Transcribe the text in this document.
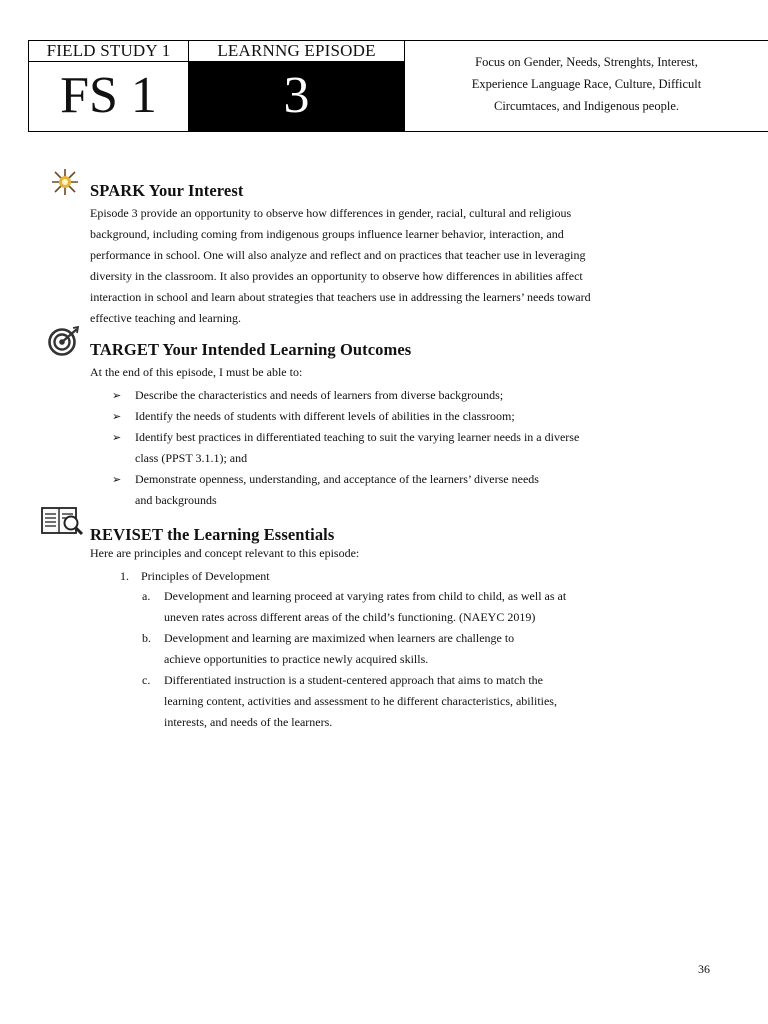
FIELD STUDY 1
FS 1
LEARNNG EPISODE
3
Focus on Gender, Needs, Strenghts, Interest,
Experience Language Race, Culture, Difficult
Circumtaces, and Indigenous people.
SPARK Your Interest
Episode 3 provide an opportunity to observe how differences in gender, racial, cultural and religious
background, including coming from indigenous groups influence learner behavior, interaction, and
performance in school. One will also analyze and reflect and on practices that teacher use in leveraging
diversity in the classroom. It also provides an opportunity to observe how differences in abilities affect
interaction in school and learn about strategies that teachers use in addressing the learners’ needs toward
effective teaching and learning.
TARGET Your Intended Learning Outcomes
At the end of this episode, I must be able to:
➢ Describe the characteristics and needs of learners from diverse backgrounds;
➢ Identify the needs of students with different levels of abilities in the classroom;
➢ Identify best practices in differentiated teaching to suit the varying learner needs in a diverse
class (PPST 3.1.1); and
➢ Demonstrate openness, understanding, and acceptance of the learners’ diverse needs
and backgrounds
REVISET the Learning Essentials
Here are principles and concept relevant to this episode:
1. Principles of Development
a. Development and learning proceed at varying rates from child to child, as well as at
uneven rates across different areas of the child’s functioning. (NAEYC 2019)
b. Development and learning are maximized when learners are challenge to
achieve opportunities to practice newly acquired skills.
c. Differentiated instruction is a student-centered approach that aims to match the
learning content, activities and assessment to he different characteristics, abilities,
interests, and needs of the learners.
36
